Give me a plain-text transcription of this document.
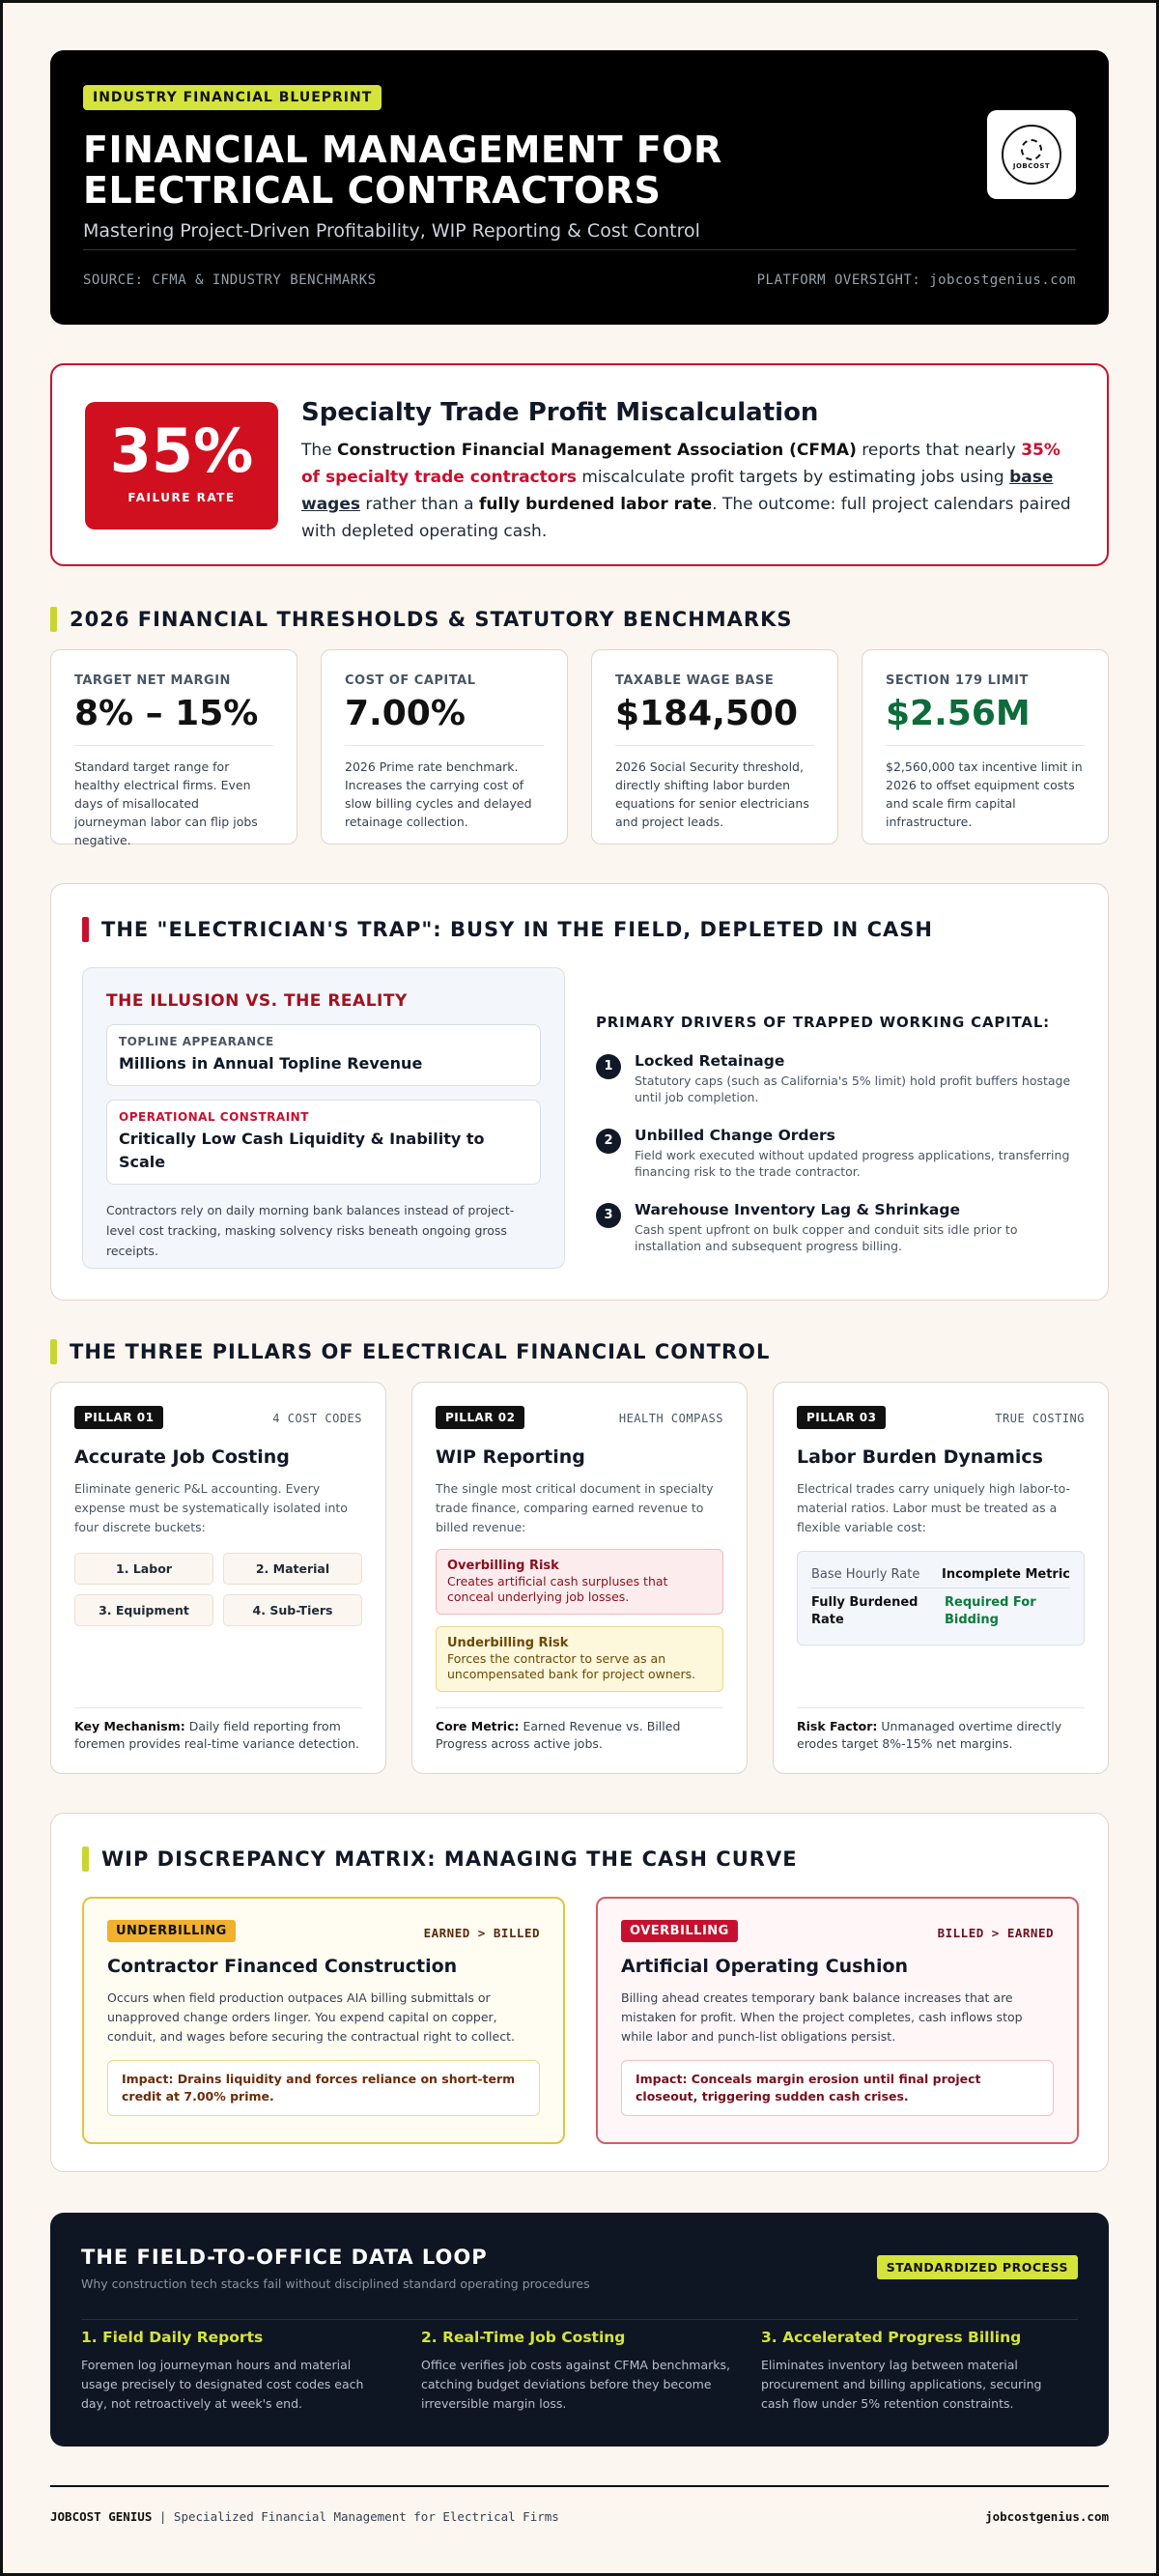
INDUSTRY FINANCIAL BLUEPRINT
FINANCIAL MANAGEMENT FOR ELECTRICAL CONTRACTORS
Mastering Project-Driven Profitability, WIP Reporting & Cost Control
JOBCOST
SOURCE: CFMA & INDUSTRY BENCHMARKS	PLATFORM OVERSIGHT: jobcostgenius.com
35%
FAILURE RATE
Specialty Trade Profit Miscalculation

The Construction Financial Management Association (CFMA) reports that nearly 35% of specialty trade contractors miscalculate profit targets by estimating jobs using base wages rather than a fully burdened labor rate. The outcome: full project calendars paired with depleted operating cash.

2026 FINANCIAL THRESHOLDS & STATUTORY BENCHMARKS
TARGET NET MARGIN
8% – 15%
Standard target range for healthy electrical firms. Even days of misallocated journeyman labor can flip jobs negative.
COST OF CAPITAL
7.00%
2026 Prime rate benchmark. Increases the carrying cost of slow billing cycles and delayed retainage collection.
TAXABLE WAGE BASE
$184,500
2026 Social Security threshold, directly shifting labor burden equations for senior electricians and project leads.
SECTION 179 LIMIT
$2.56M
$2,560,000 tax incentive limit in 2026 to offset equipment costs and scale firm capital infrastructure.
THE "ELECTRICIAN'S TRAP": BUSY IN THE FIELD, DEPLETED IN CASH
THE ILLUSION VS. THE REALITY
TOPLINE APPEARANCE
Millions in Annual Topline Revenue
OPERATIONAL CONSTRAINT
Critically Low Cash Liquidity & Inability to Scale
Contractors rely on daily morning bank balances instead of project-level cost tracking, masking solvency risks beneath ongoing gross receipts.
PRIMARY DRIVERS OF TRAPPED WORKING CAPITAL:
1	Locked Retainage
Statutory caps (such as California's 5% limit) hold profit buffers hostage until job completion.
2	Unbilled Change Orders
Field work executed without updated progress applications, transferring financing risk to the trade contractor.
3	Warehouse Inventory Lag & Shrinkage
Cash spent upfront on bulk copper and conduit sits idle prior to installation and subsequent progress billing.
THE THREE PILLARS OF ELECTRICAL FINANCIAL CONTROL
PILLAR 01	4 COST CODES
Accurate Job Costing
Eliminate generic P&L accounting. Every expense must be systematically isolated into four discrete buckets:
1. Labor	2. Material
3. Equipment	4. Sub-Tiers
Key Mechanism: Daily field reporting from foremen provides real-time variance detection.
PILLAR 02	HEALTH COMPASS
WIP Reporting
The single most critical document in specialty trade finance, comparing earned revenue to billed revenue:
Overbilling Risk
Creates artificial cash surpluses that conceal underlying job losses.
Underbilling Risk
Forces the contractor to serve as an uncompensated bank for project owners.
Core Metric: Earned Revenue vs. Billed Progress across active jobs.
PILLAR 03	TRUE COSTING
Labor Burden Dynamics
Electrical trades carry uniquely high labor-to-material ratios. Labor must be treated as a flexible variable cost:
Base Hourly Rate Incomplete Metric
Fully Burdened Rate
Required For Bidding
Risk Factor: Unmanaged overtime directly erodes target 8%-15% net margins.
WIP DISCREPANCY MATRIX: MANAGING THE CASH CURVE
UNDERBILLING	EARNED > BILLED
Contractor Financed Construction
Occurs when field production outpaces AIA billing submittals or unapproved change orders linger. You expend capital on copper, conduit, and wages before securing the contractual right to collect.
Impact: Drains liquidity and forces reliance on short-term credit at 7.00% prime.
OVERBILLING	BILLED > EARNED
Artificial Operating Cushion
Billing ahead creates temporary bank balance increases that are mistaken for profit. When the project completes, cash inflows stop while labor and punch-list obligations persist.
Impact: Conceals margin erosion until final project closeout, triggering sudden cash crises.
THE FIELD-TO-OFFICE DATA LOOP
Why construction tech stacks fail without disciplined standard operating procedures
STANDARDIZED PROCESS
1. Field Daily Reports
Foremen log journeyman hours and material usage precisely to designated cost codes each day, not retroactively at week's end.
2. Real-Time Job Costing
Office verifies job costs against CFMA benchmarks, catching budget deviations before they become irreversible margin loss.
3. Accelerated Progress Billing
Eliminates inventory lag between material procurement and billing applications, securing cash flow under 5% retention constraints.
JOBCOST GENIUS | Specialized Financial Management for Electrical Firms	jobcostgenius.com
